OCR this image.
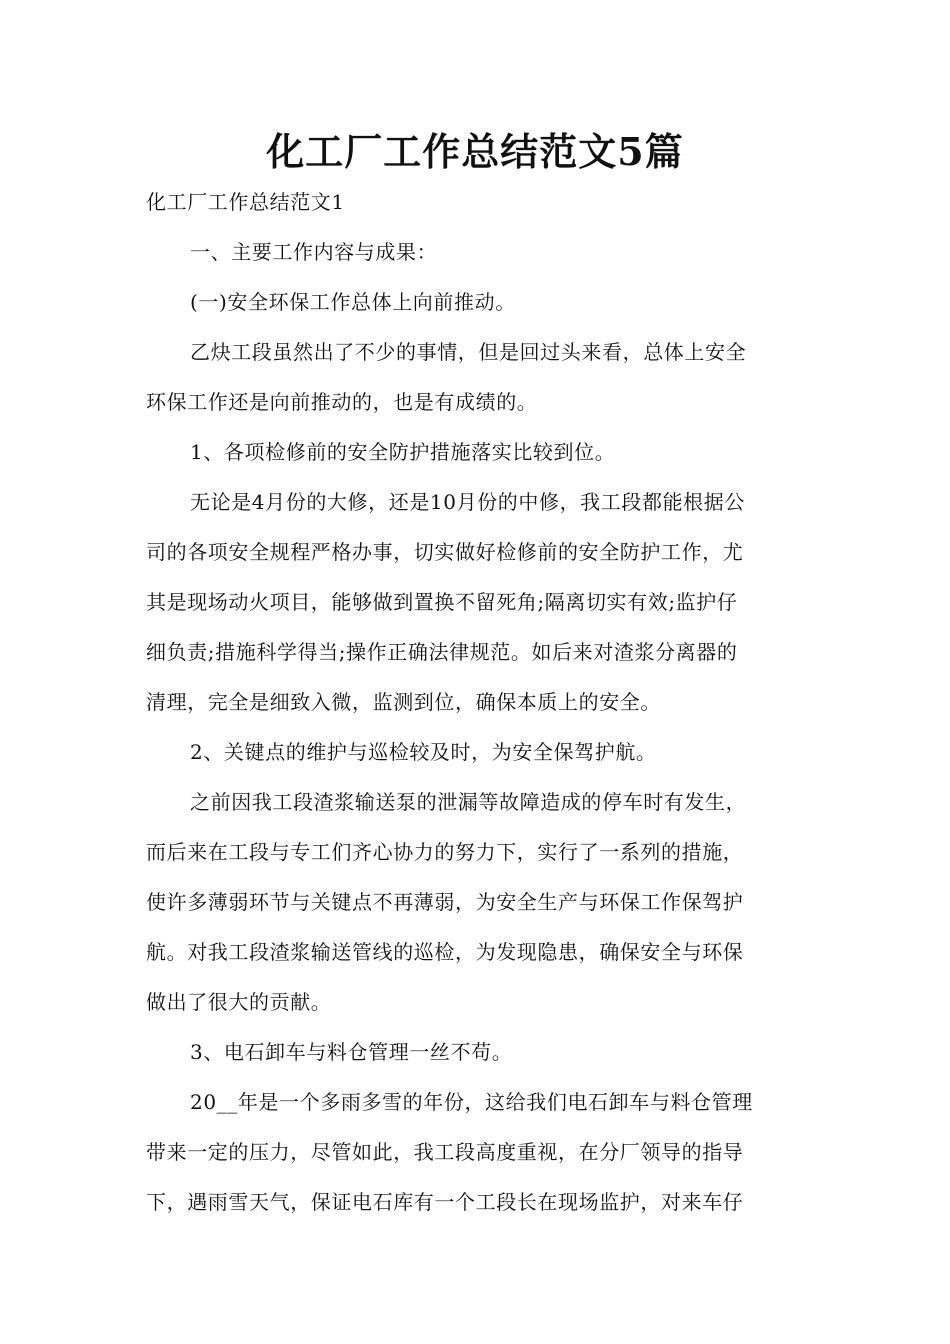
化工厂工作总结范文5篇

化工厂工作总结范文1

一、主要工作内容与成果：

(一)安全环保工作总体上向前推动。

乙炔工段虽然出了不少的事情，但是回过头来看，总体上安全

环保工作还是向前推动的，也是有成绩的。

1、各项检修前的安全防护措施落实比较到位。

无论是4月份的大修，还是10月份的中修，我工段都能根据公

司的各项安全规程严格办事，切实做好检修前的安全防护工作，尤

其是现场动火项目，能够做到置换不留死角;隔离切实有效;监护仔

细负责;措施科学得当;操作正确法律规范。如后来对渣浆分离器的

清理，完全是细致入微，监测到位，确保本质上的安全。

2、关键点的维护与巡检较及时，为安全保驾护航。

之前因我工段渣浆输送泵的泄漏等故障造成的停车时有发生，

而后来在工段与专工们齐心协力的努力下，实行了一系列的措施，

使许多薄弱环节与关键点不再薄弱，为安全生产与环保工作保驾护

航。对我工段渣浆输送管线的巡检，为发现隐患，确保安全与环保

做出了很大的贡献。

3、电石卸车与料仓管理一丝不苟。

20__年是一个多雨多雪的年份，这给我们电石卸车与料仓管理

带来一定的压力，尽管如此，我工段高度重视，在分厂领导的指导

下，遇雨雪天气，保证电石库有一个工段长在现场监护，对来车仔
